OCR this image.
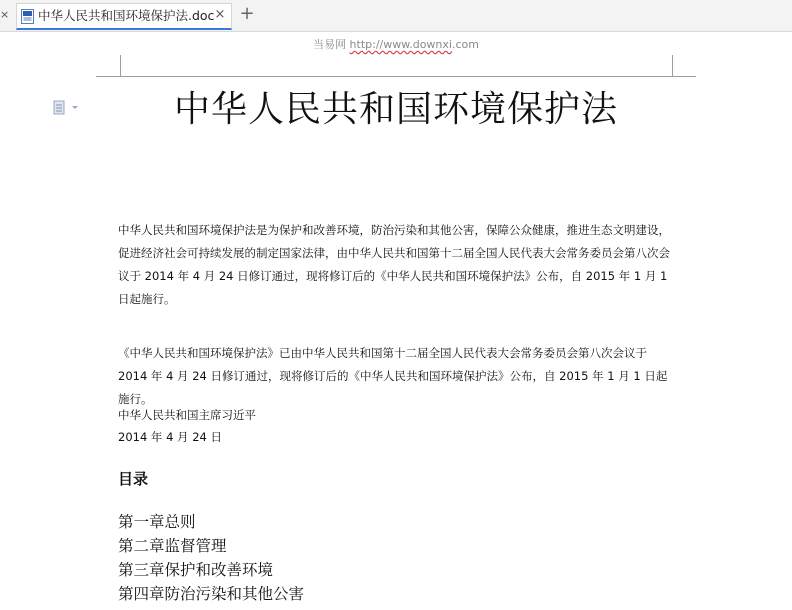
× 中华人民共和国环境保护法.doc × +
当易网 http://www.downxi.com
中华人民共和国环境保护法

中华人民共和国环境保护法是为保护和改善环境，防治污染和其他公害，保障公众健康，推进生态文明建设，促进经济社会可持续发展的制定国家法律，由中华人民共和国第十二届全国人民代表大会常务委员会第八次会议于 2014 年 4 月 24 日修订通过，现将修订后的《中华人民共和国环境保护法》公布，自 2015 年 1 月 1 日起施行。

《中华人民共和国环境保护法》已由中华人民共和国第十二届全国人民代表大会常务委员会第八次会议于 2014 年 4 月 24 日修订通过，现将修订后的《中华人民共和国环境保护法》公布，自 2015 年 1 月 1 日起施行。

中华人民共和国主席习近平

2014 年 4 月 24 日

目录
第一章总则
第二章监督管理
第三章保护和改善环境
第四章防治污染和其他公害
